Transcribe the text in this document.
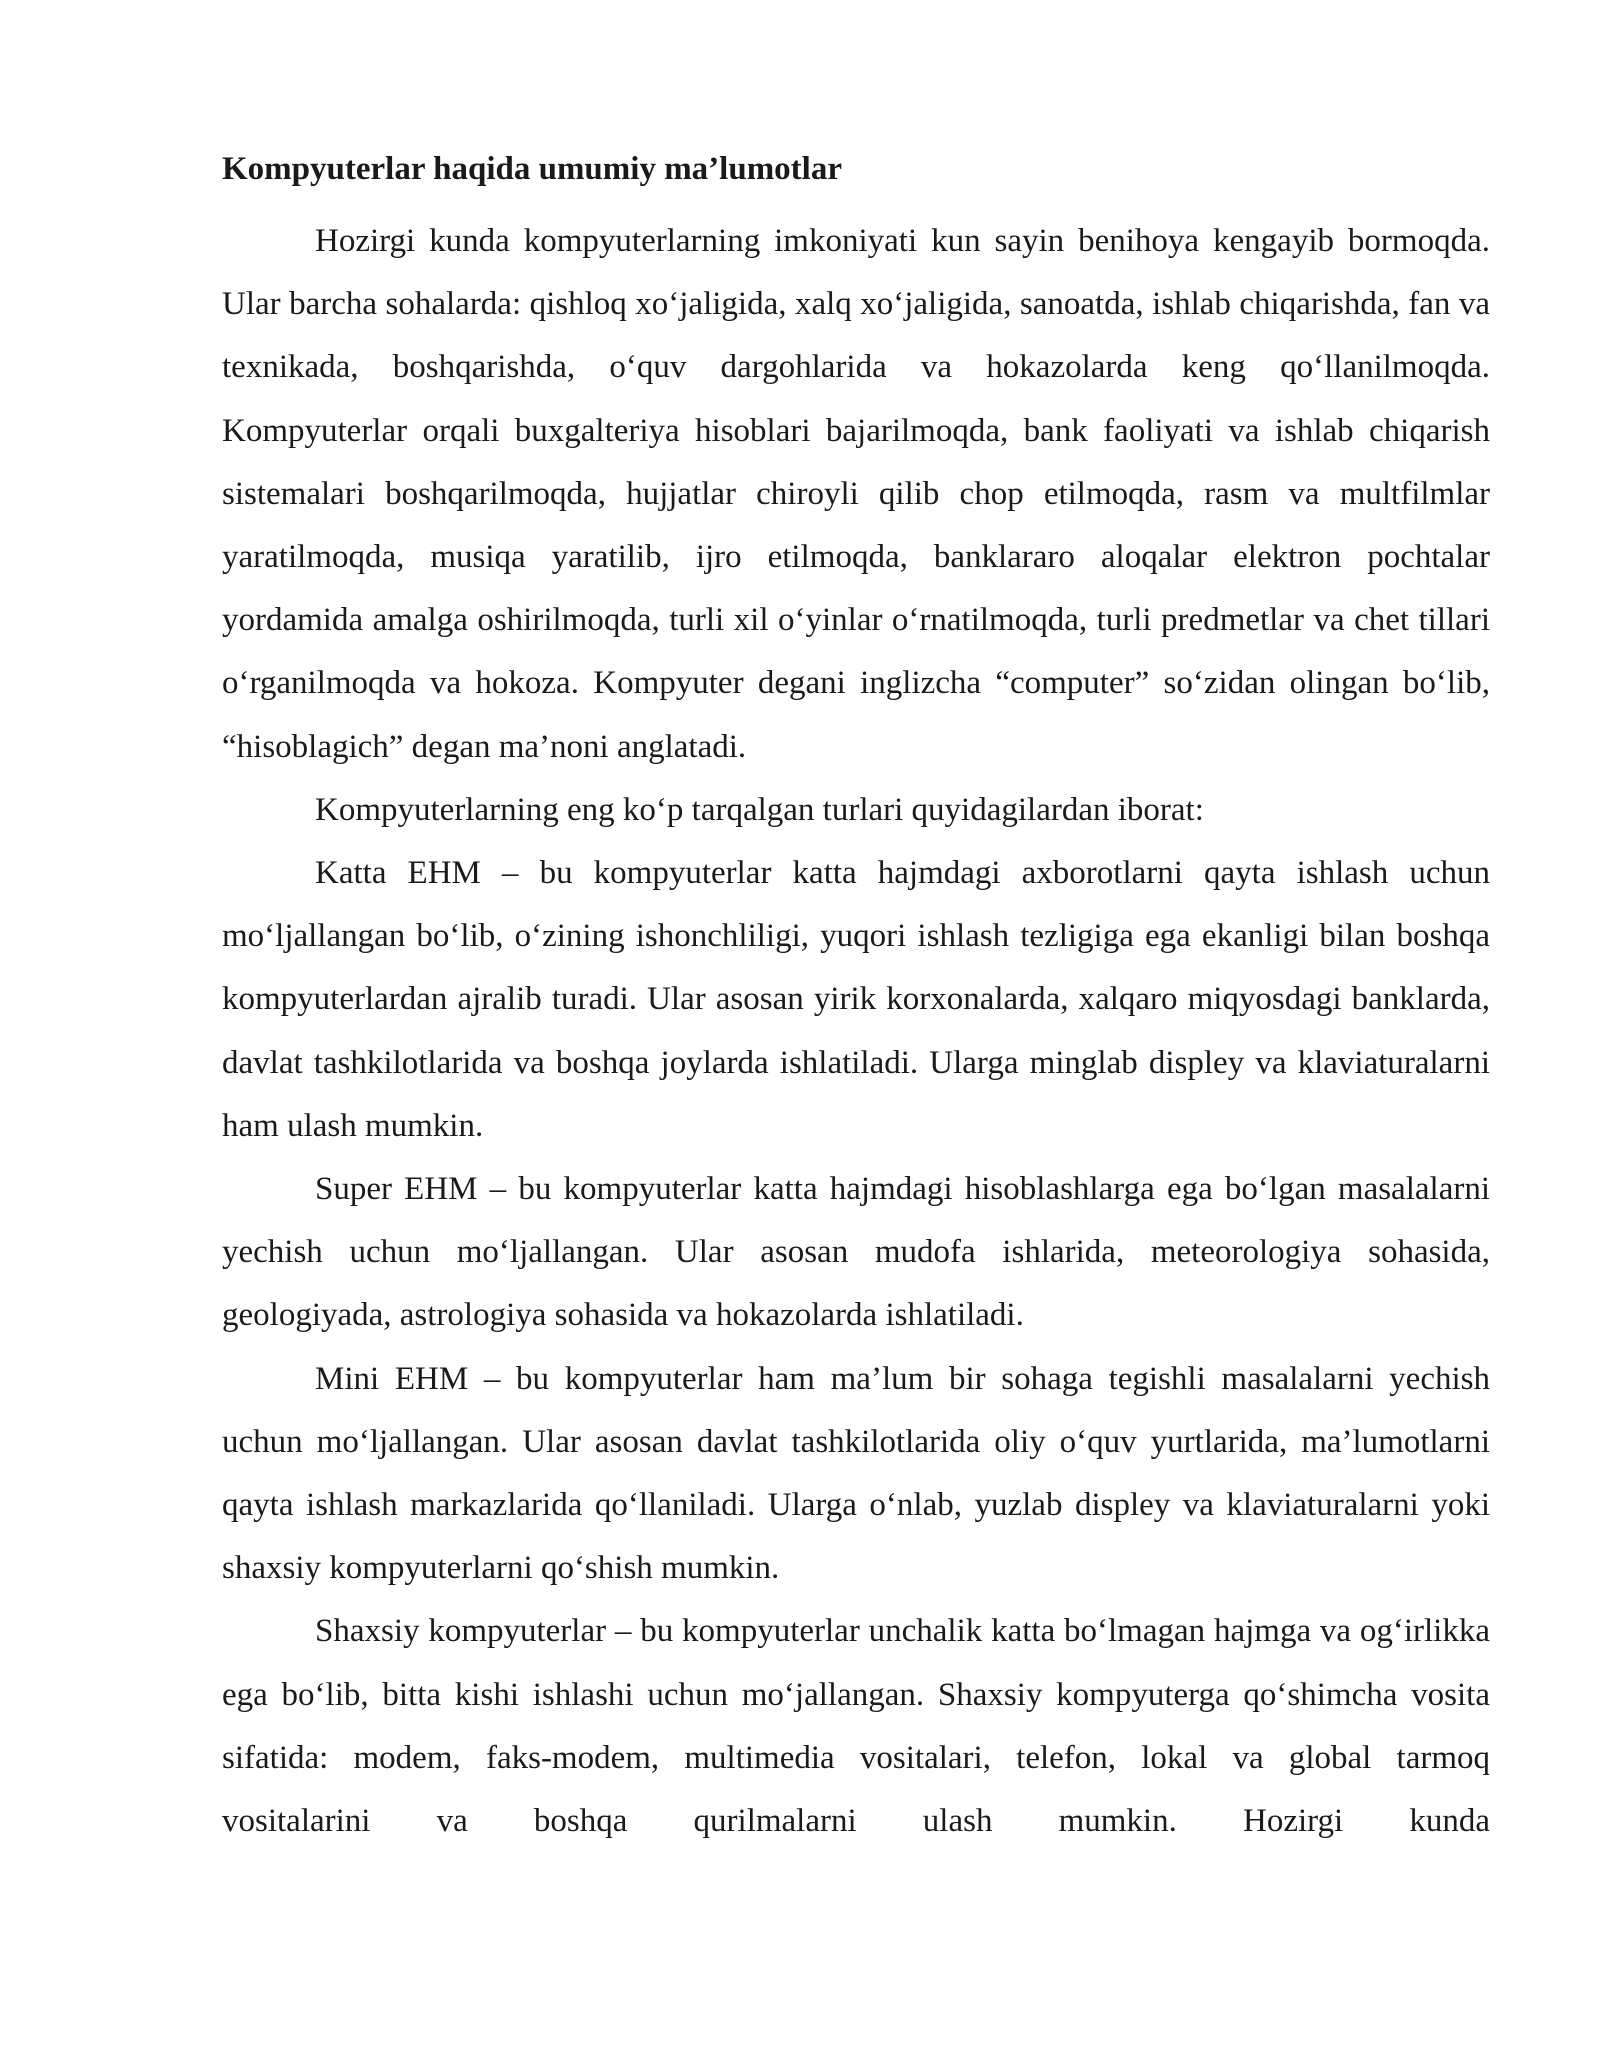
Kompyuterlar haqida umumiy ma’lumotlar

Hozirgi kunda kompyuterlarning imkoniyati kun sayin benihoya kengayib bormoqda. Ular barcha sohalarda: qishloq xo‘jaligida, xalq xo‘jaligida, sanoatda, ishlab chiqarishda, fan va texnikada, boshqarishda, o‘quv dargohlarida va hokazolarda keng qo‘llanilmoqda. Kompyuterlar orqali buxgalteriya hisoblari bajarilmoqda, bank faoliyati va ishlab chiqarish sistemalari boshqarilmoqda, hujjatlar chiroyli qilib chop etilmoqda, rasm va multfilmlar yaratilmoqda, musiqa yaratilib, ijro etilmoqda, banklararo aloqalar elektron pochtalar yordamida amalga oshirilmoqda, turli xil o‘yinlar o‘rnatilmoqda, turli predmetlar va chet tillari o‘rganilmoqda va hokoza. Kompyuter degani inglizcha “computer” so‘zidan olingan bo‘lib, “hisoblagich” degan ma’noni anglatadi.

Kompyuterlarning eng ko‘p tarqalgan turlari quyidagilardan iborat:

Katta EHM – bu kompyuterlar katta hajmdagi axborotlarni qayta ishlash uchun mo‘ljallangan bo‘lib, o‘zining ishonchliligi, yuqori ishlash tezligiga ega ekanligi bilan boshqa kompyuterlardan ajralib turadi. Ular asosan yirik korxonalarda, xalqaro miqyosdagi banklarda, davlat tashkilotlarida va boshqa joylarda ishlatiladi. Ularga minglab displey va klaviaturalarni ham ulash mumkin.

Super EHM – bu kompyuterlar katta hajmdagi hisoblashlarga ega bo‘lgan masalalarni yechish uchun mo‘ljallangan. Ular asosan mudofa ishlarida, meteorologiya sohasida, geologiyada, astrologiya sohasida va hokazolarda ishlatiladi.

Mini EHM – bu kompyuterlar ham ma’lum bir sohaga tegishli masalalarni yechish uchun mo‘ljallangan. Ular asosan davlat tashkilotlarida oliy o‘quv yurtlarida, ma’lumotlarni qayta ishlash markazlarida qo‘llaniladi. Ularga o‘nlab, yuzlab displey va klaviaturalarni yoki shaxsiy kompyuterlarni qo‘shish mumkin.

Shaxsiy kompyuterlar – bu kompyuterlar unchalik katta bo‘lmagan hajmga va og‘irlikka ega bo‘lib, bitta kishi ishlashi uchun mo‘jallangan. Shaxsiy kompyuterga qo‘shimcha vosita sifatida: modem, faks-modem, multimedia vositalari, telefon, lokal va global tarmoq vositalarini va boshqa qurilmalarni ulash mumkin. Hozirgi kunda
